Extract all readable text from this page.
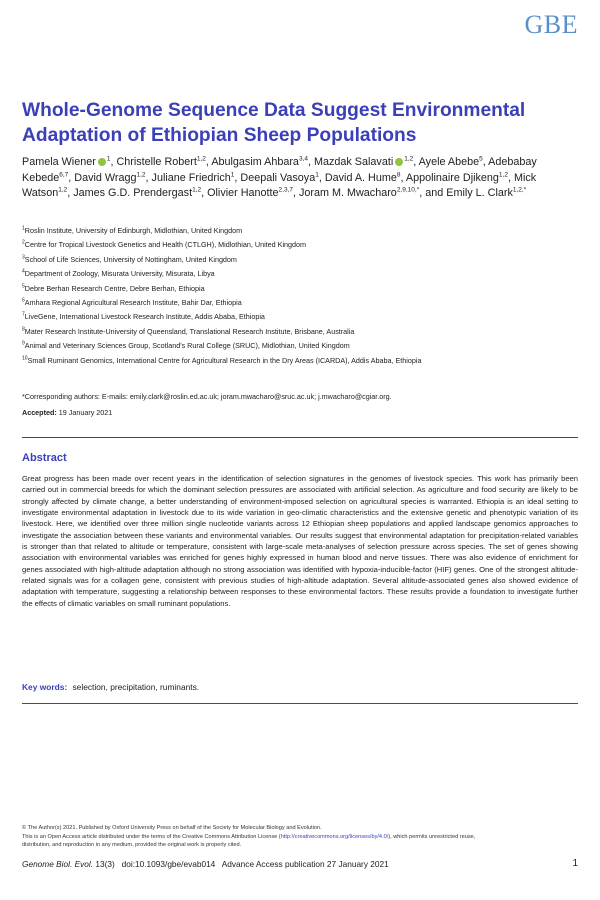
GBE
Whole-Genome Sequence Data Suggest Environmental Adaptation of Ethiopian Sheep Populations

Pamela Wiener $^1$, Christelle Robert$^{1,2}$, Abulgasim Ahbara$^{3,4}$, Mazdak Salavati $^{1,2}$, Ayele Abebe$^5$, Adebabay Kebede$^{6,7}$, David Wragg$^{1,2}$, Juliane Friedrich$^1$, Deepali Vasoya$^1$, David A. Hume$^8$, Appolinaire Djikeng$^{1,2}$, Mick Watson$^{1,2}$, James G.D. Prendergast$^{1,2}$, Olivier Hanotte$^{2,3,7}$, Joram M. Mwacharo$^{2,9,10,*}$, and Emily L. Clark$^{1,2,*}$

$^1$Roslin Institute, University of Edinburgh, Midlothian, United Kingdom
$^2$Centre for Tropical Livestock Genetics and Health (CTLGH), Midlothian, United Kingdom
$^3$School of Life Sciences, University of Nottingham, United Kingdom
$^4$Department of Zoology, Misurata University, Misurata, Libya
$^5$Debre Berhan Research Centre, Debre Berhan, Ethiopia
$^6$Amhara Regional Agricultural Research Institute, Bahir Dar, Ethiopia
$^7$LiveGene, International Livestock Research Institute, Addis Ababa, Ethiopia
$^8$Mater Research Institute-University of Queensland, Translational Research Institute, Brisbane, Australia
$^9$Animal and Veterinary Sciences Group, Scotland's Rural College (SRUC), Midlothian, United Kingdom
$^{10}$Small Ruminant Genomics, International Centre for Agricultural Research in the Dry Areas (ICARDA), Addis Ababa, Ethiopia
*Corresponding authors: E-mails: emily.clark@roslin.ed.ac.uk; joram.mwacharo@sruc.ac.uk; j.mwacharo@cgiar.org.
Accepted: 19 January 2021
Abstract

Great progress has been made over recent years in the identification of selection signatures in the genomes of livestock species. This work has primarily been carried out in commercial breeds for which the dominant selection pressures are associated with artificial selection. As agriculture and food security are likely to be strongly affected by climate change, a better understanding of environment-imposed selection on agricultural species is warranted. Ethiopia is an ideal setting to investigate environmental adaptation in livestock due to its wide variation in geo-climatic characteristics and the extensive genetic and phenotypic variation of its livestock. Here, we identified over three million single nucleotide variants across 12 Ethiopian sheep populations and applied landscape genomics approaches to investigate the association between these variants and environmental variables. Our results suggest that environmental adaptation for precipitation-related variables is stronger than that related to altitude or temperature, consistent with large-scale meta-analyses of selection pressure across species. The set of genes showing association with environmental variables was enriched for genes highly expressed in human blood and nerve tissues. There was also evidence of enrichment for genes associated with high-altitude adaptation although no strong association was identified with hypoxia-inducible-factor (HIF) genes. One of the strongest altitude-related signals was for a collagen gene, consistent with previous studies of high-altitude adaptation. Several altitude-associated genes also showed evidence of adaptation with temperature, suggesting a relationship between responses to these environmental factors. These results provide a foundation to investigate further the effects of climatic variables on small ruminant populations.

Key words: selection, precipitation, ruminants.
© The Author(s) 2021. Published by Oxford University Press on behalf of the Society for Molecular Biology and Evolution.
This is an Open Access article distributed under the terms of the Creative Commons Attribution License (http://creativecommons.org/licenses/by/4.0/), which permits unrestricted reuse,
distribution, and reproduction in any medium, provided the original work is properly cited.
Genome Biol. Evol. 13(3) doi:10.1093/gbe/evab014 Advance Access publication 27 January 2021	1
